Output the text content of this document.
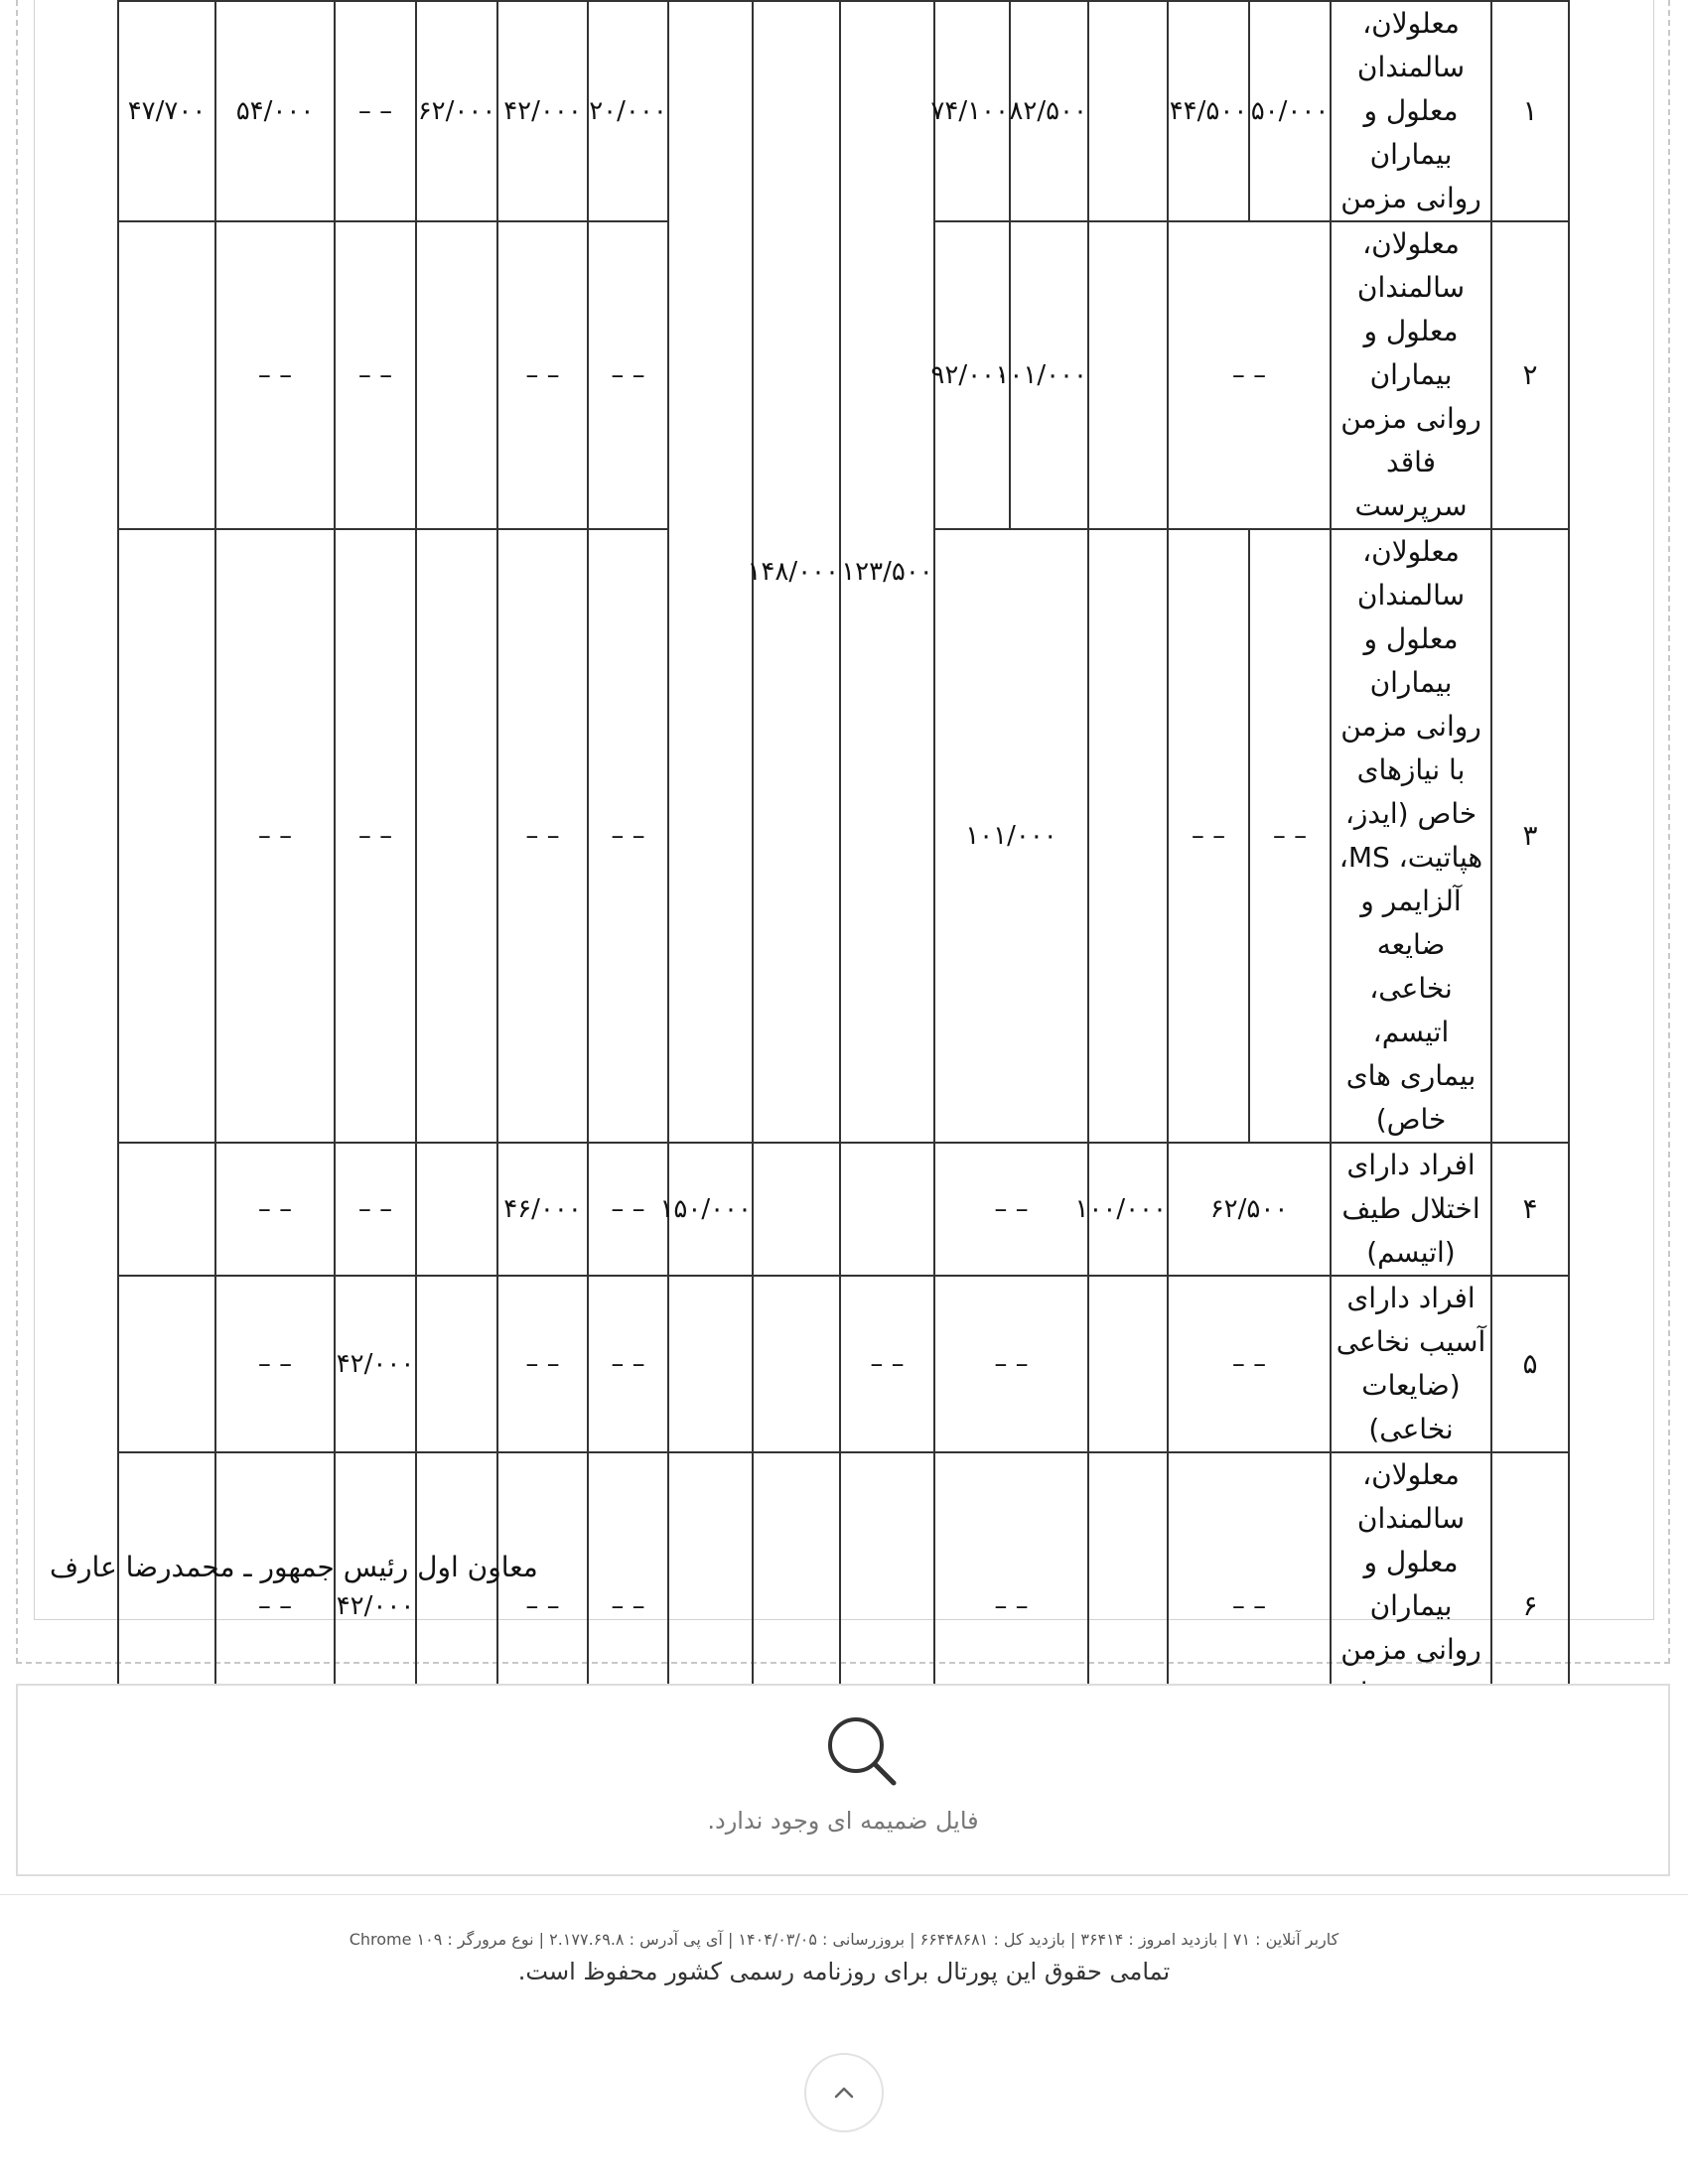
۱	معلولان، سالمندان معلول و بیماران روانی مزمن	۵۰/۰۰۰	۴۴/۵۰۰		۸۲/۵۰۰	۷۴/۱۰۰	۱۲۳/۵۰۰	۱۴۸/۰۰۰		۲۰/۰۰۰	۴۲/۰۰۰	۶۲/۰۰۰	– –	۵۴/۰۰۰	۴۷/۷۰۰
۲	معلولان، سالمندان معلول و بیماران روانی مزمن فاقد سرپرست	– –			۱۰۱/۰۰۰	۹۲/۰۰۰				– –	– –		– –	– –	
۳	معلولان، سالمندان معلول و بیماران روانی مزمن با نیازهای خاص (ایدز، هپاتیت، MS، آلزایمر و ضایعه نخاعی، اتیسم، بیماری های خاص)	– –	– –		۱۰۱/۰۰۰					– –	– –		– –	– –	
۴	افراد دارای اختلال طیف (اتیسم)	۶۲/۵۰۰		۱۰۰/۰۰۰	– –				۱۵۰/۰۰۰	– –	۴۶/۰۰۰		– –	– –	
۵	افراد دارای آسیب نخاعی (ضایعات نخاعی)	– –			– –		– –			– –	– –		۴۲/۰۰۰	– –	
۶	معلولان، سالمندان معلول و بیماران روانی مزمن	– –			– –					– –	– –		۴۲/۰۰۰	– –	
معاون اول رئیس جمهور ـ محمدرضا عارف
فایل ضمیمه ای وجود ندارد.
کاربر آنلاین : ۷۱ | بازدید امروز : ۳۶۴۱۴ | بازدید کل : ۶۶۴۴۸۶۸۱ | بروزرسانی : ۱۴۰۴/۰۳/۰۵ | آی پی آدرس : ۲.۱۷۷.۶۹.۸ | نوع مرورگر : Chrome ۱۰۹
تمامی حقوق این پورتال برای روزنامه رسمی کشور محفوظ است.
